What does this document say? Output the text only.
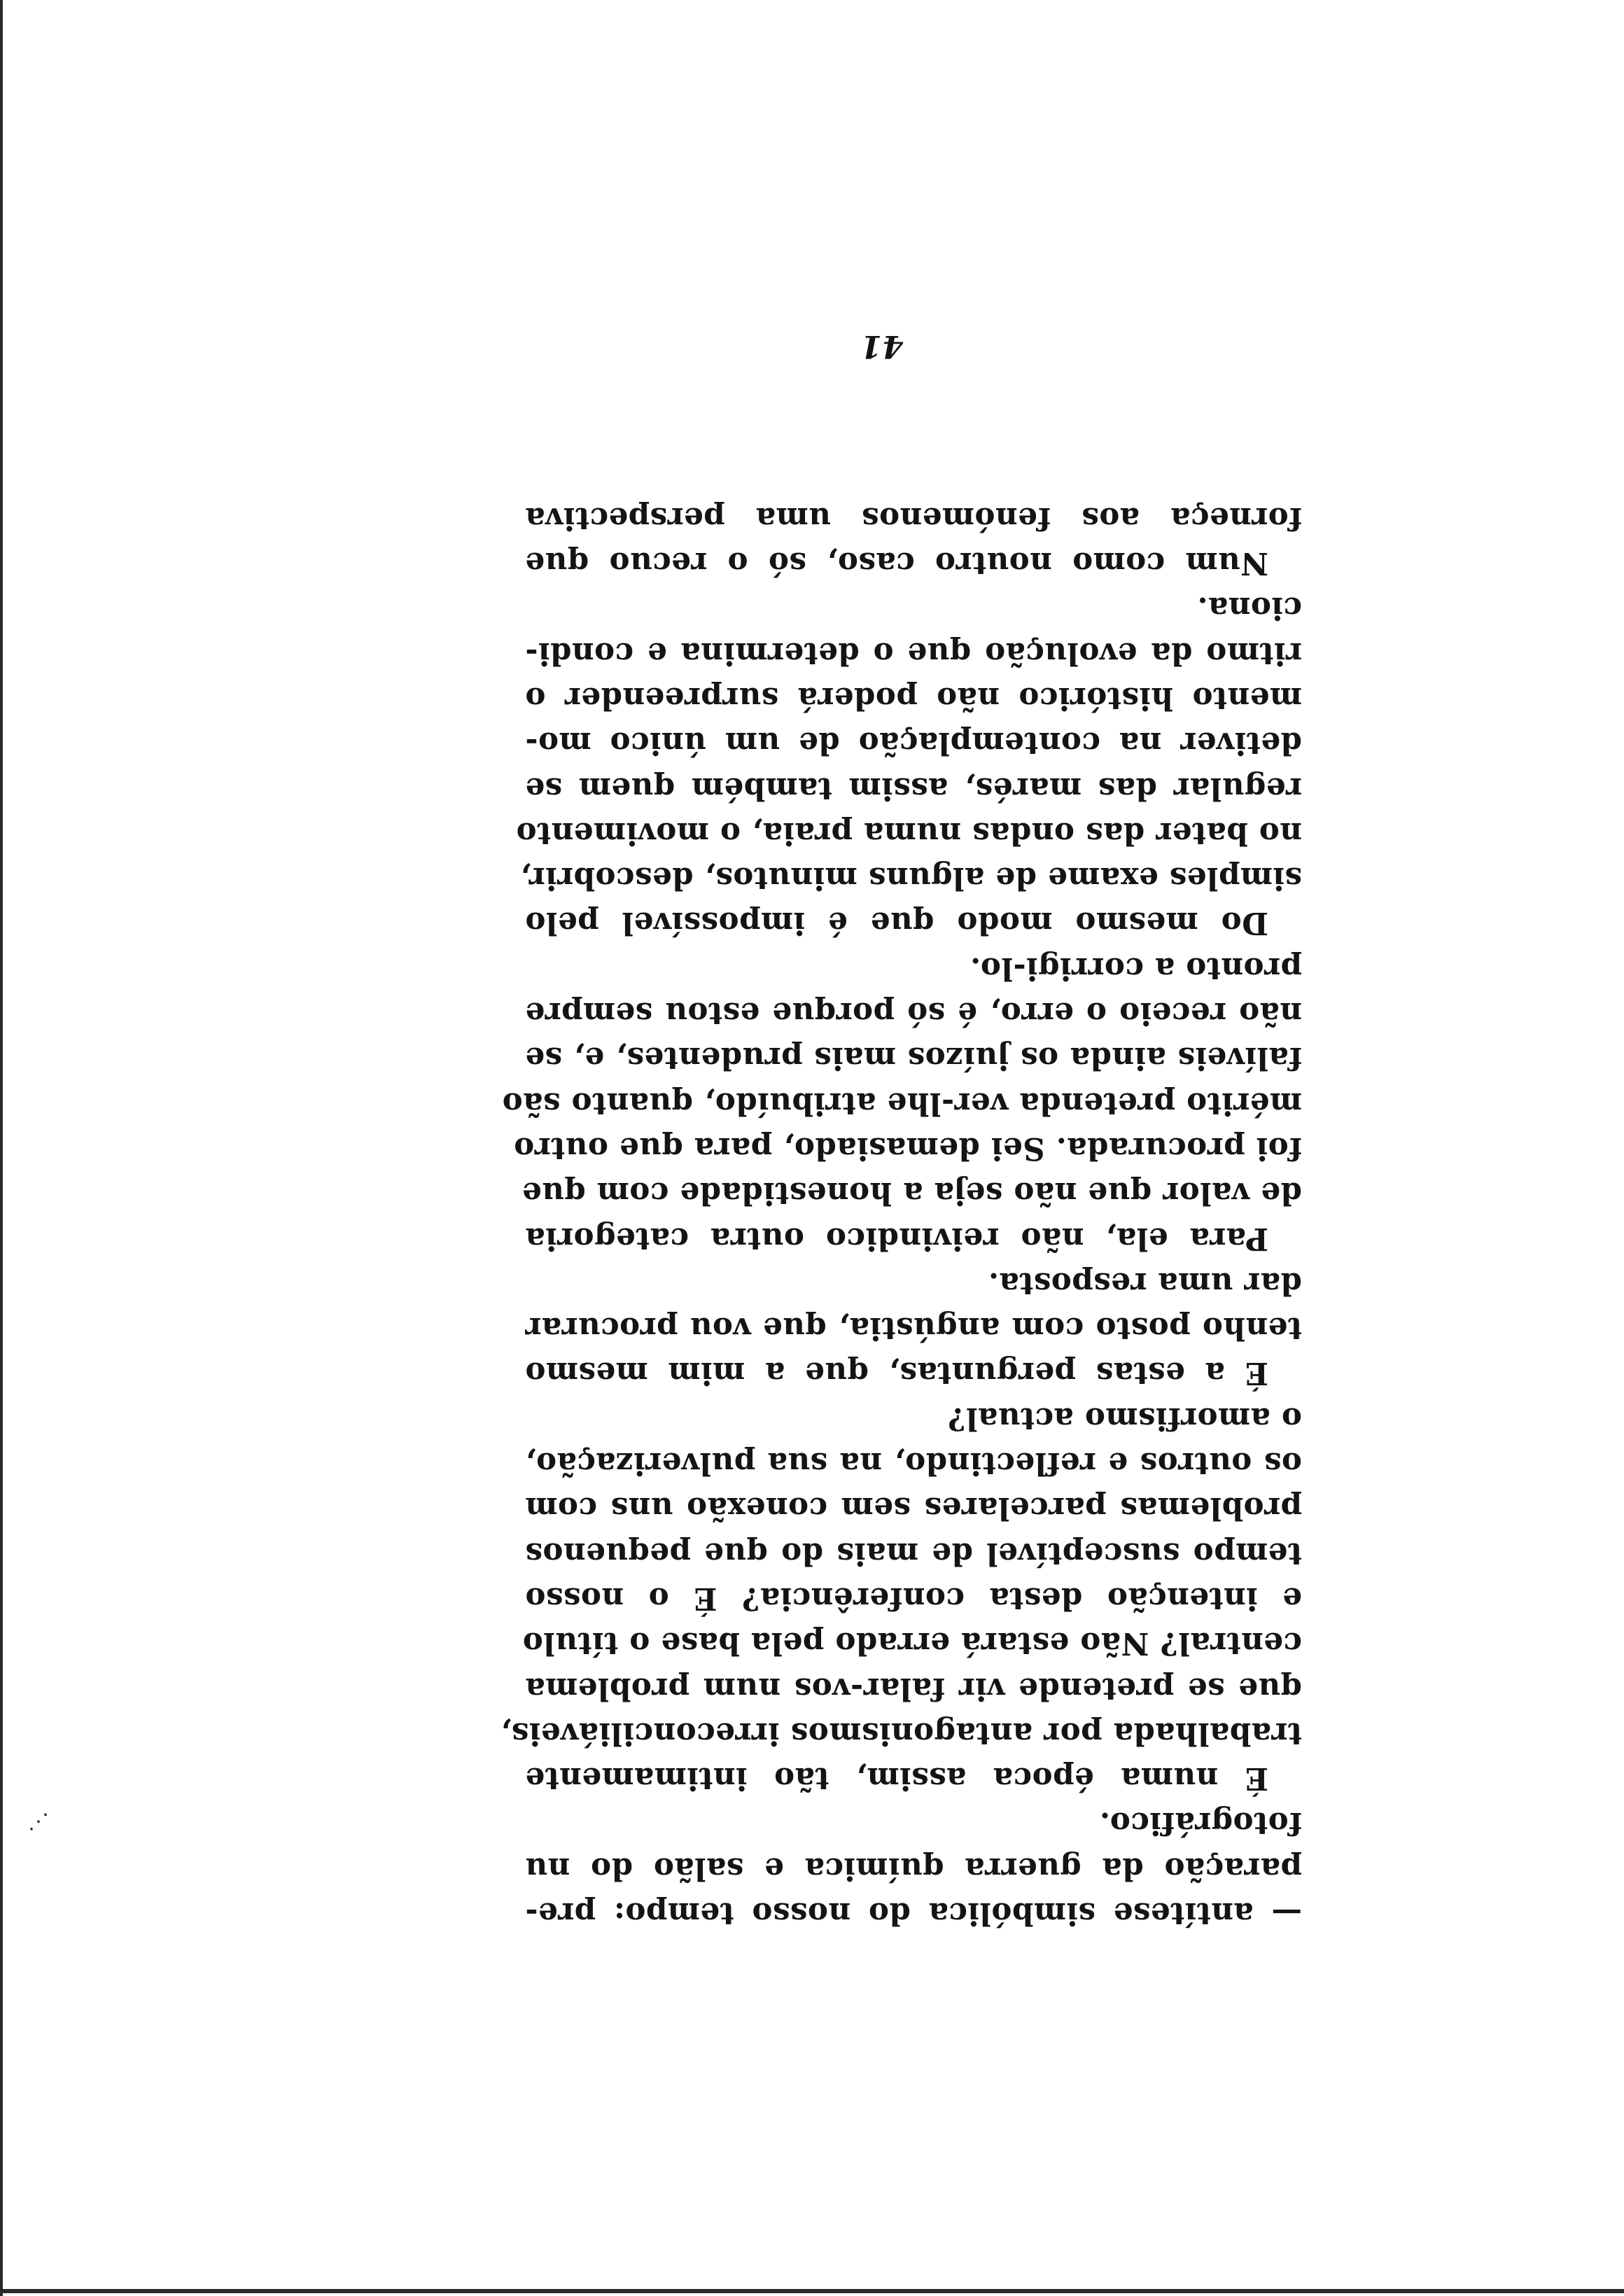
⋰
— antítese simbólica do nosso tempo: pre-
paração da guerra química e salão do nu
fotográfico.
É numa época assim, tão intimamente
trabalhada por antagonismos irreconciliáveis,
que se pretende vir falar-vos num problema
central? Não estará errado pela base o título
e intenção desta conferência? É o nosso
tempo susceptível de mais do que pequenos
problemas parcelares sem conexão uns com
os outros e reflectindo, na sua pulverização,
o amorfismo actual?
É a estas perguntas, que a mim mesmo
tenho posto com angústia, que vou procurar
dar uma resposta.
Para ela, não reivindico outra categoria
de valor que não seja a honestidade com que
foi procurada. Sei demasiado, para que outro
mérito pretenda ver-lhe atribuído, quanto são
falíveis ainda os juízos mais prudentes, e, se
não receio o erro, é só porque estou sempre
pronto a corrigi-lo.
Do mesmo modo que é impossível pelo
simples exame de alguns minutos, descobrir,
no bater das ondas numa praia, o movimento
regular das marés, assim também quem se
detiver na contemplação de um único mo-
mento histórico não poderá surpreender o
ritmo da evolução que o determina e condi-
ciona.
Num como noutro caso, só o recuo que
forneça aos fenómenos uma perspectiva
41
